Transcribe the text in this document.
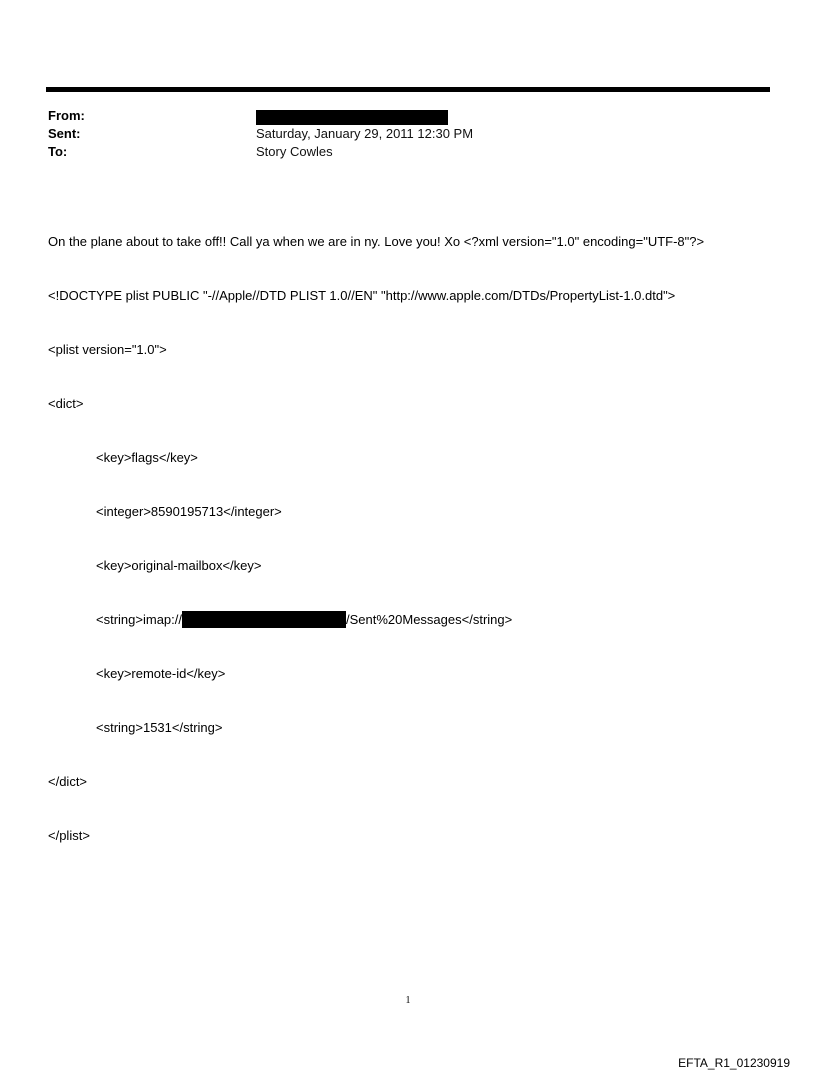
From:
Sent:	Saturday, January 29, 2011 12:30 PM
To:	Story Cowles

On the plane about to take off!! Call ya when we are in ny. Love you! Xo <?xml version="1.0" encoding="UTF-8"?>

<!DOCTYPE plist PUBLIC "-//Apple//DTD PLIST 1.0//EN" "http://www.apple.com/DTDs/PropertyList-1.0.dtd">

<plist version="1.0">

<dict>

<key>flags</key>

<integer>8590195713</integer>

<key>original-mailbox</key>

<string>imap://	/Sent%20Messages</string>

<key>remote-id</key>

<string>1531</string>

</dict>

</plist>

1
EFTA_R1_01230919
